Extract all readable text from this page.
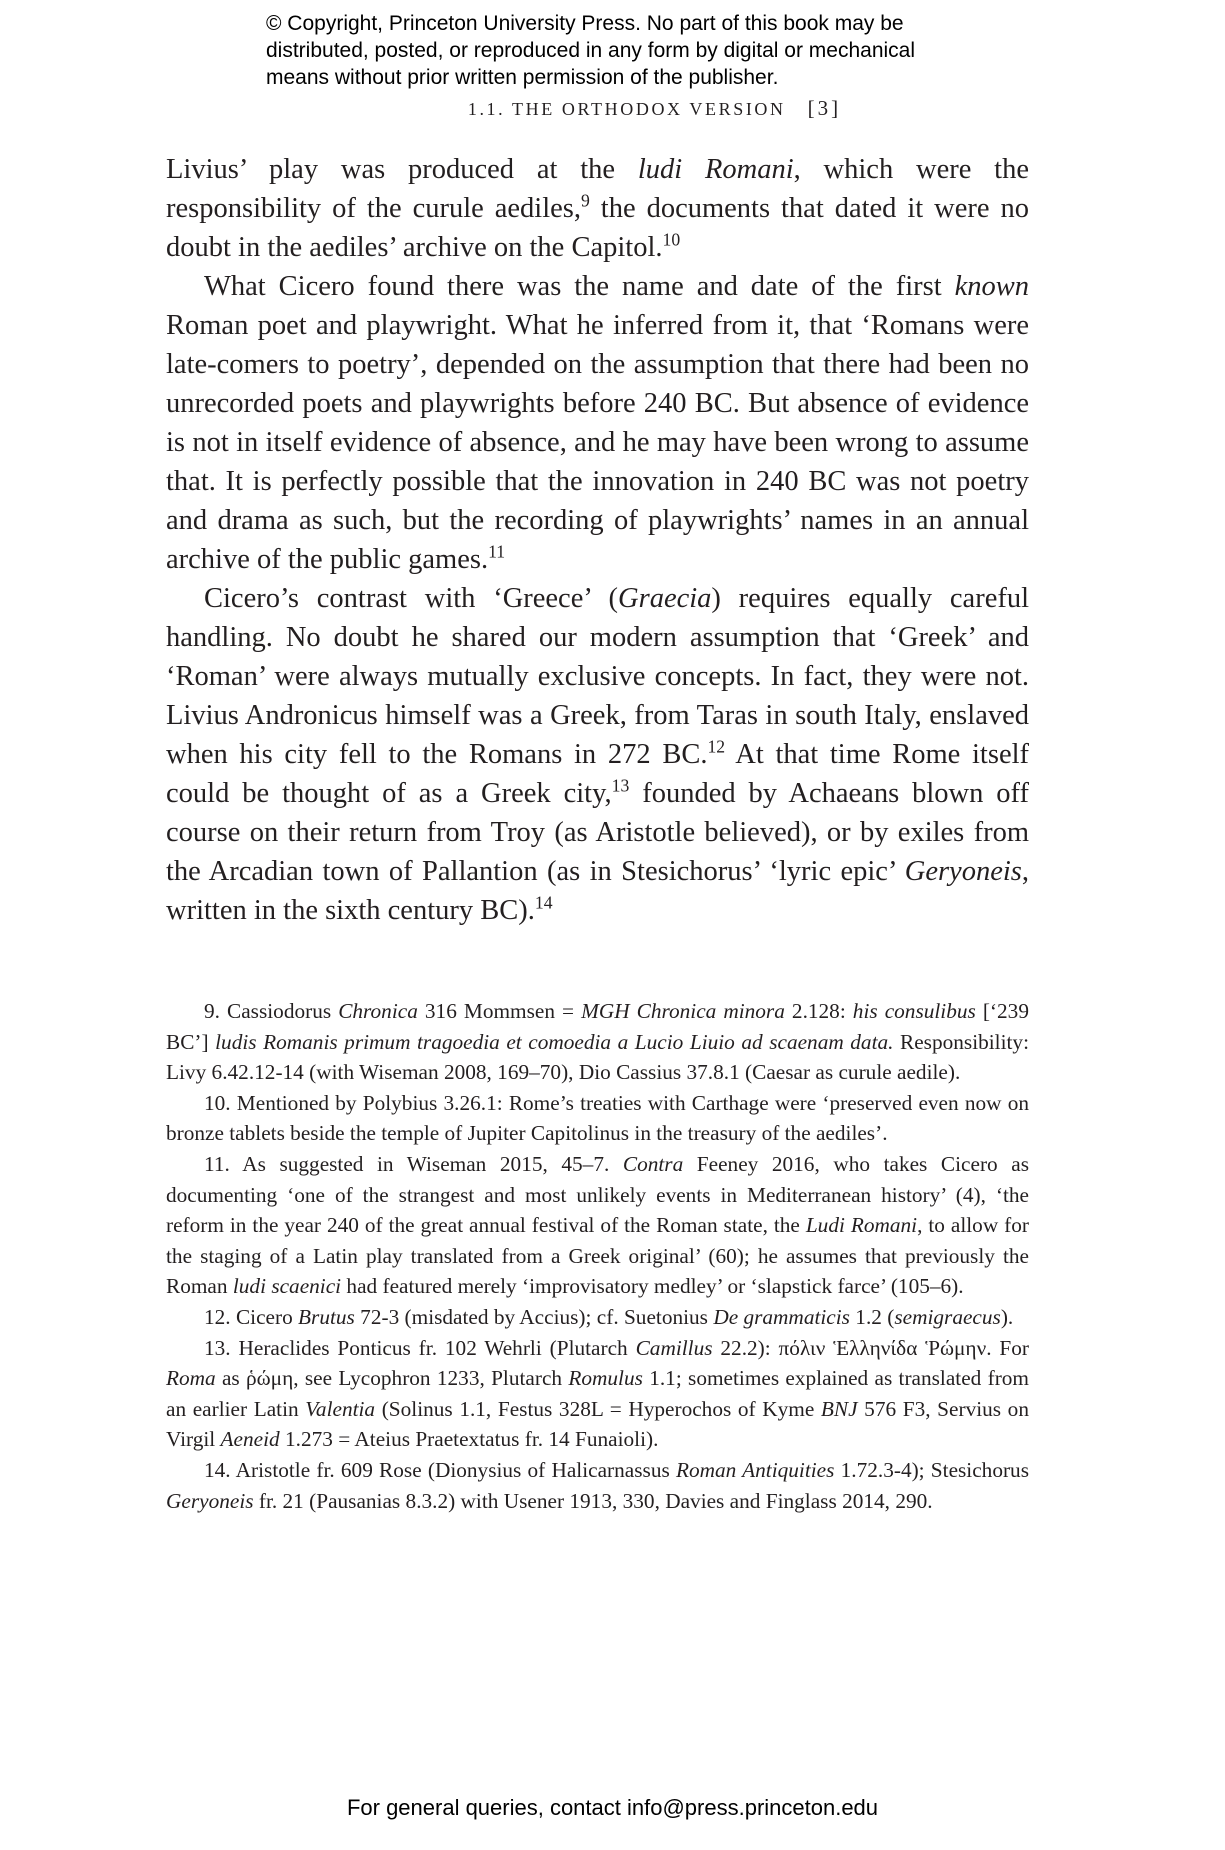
© Copyright, Princeton University Press. No part of this book may be
distributed, posted, or reproduced in any form by digital or mechanical
means without prior written permission of the publisher.
1.1. THE ORTHODOX VERSION [3]

Livius’ play was produced at the ludi Romani, which were the responsibility of the curule aediles,$^9$ the documents that dated it were no doubt in the aediles’ archive on the Capitol.$^{10}$

What Cicero found there was the name and date of the first known Roman poet and playwright. What he inferred from it, that ‘Romans were late-comers to poetry’, depended on the assumption that there had been no unrecorded poets and playwrights before 240 BC. But absence of evidence is not in itself evidence of absence, and he may have been wrong to assume that. It is perfectly possible that the innovation in 240 BC was not poetry and drama as such, but the recording of playwrights’ names in an annual archive of the public games.$^{11}$

Cicero’s contrast with ‘Greece’ (Graecia) requires equally careful handling. No doubt he shared our modern assumption that ‘Greek’ and ‘Roman’ were always mutually exclusive concepts. In fact, they were not. Livius Andronicus himself was a Greek, from Taras in south Italy, enslaved when his city fell to the Romans in 272 BC.$^{12}$ At that time Rome itself could be thought of as a Greek city,$^{13}$ founded by Achaeans blown off course on their return from Troy (as Aristotle believed), or by exiles from the Arcadian town of Pallantion (as in Stesichorus’ ‘lyric epic’ Geryoneis, written in the sixth century BC).$^{14}$

9. Cassiodorus Chronica 316 Mommsen = MGH Chronica minora 2.128: his consulibus [‘239 BC’] ludis Romanis primum tragoedia et comoedia a Lucio Liuio ad scaenam data. Responsibility: Livy 6.42.12-14 (with Wiseman 2008, 169–70), Dio Cassius 37.8.1 (Caesar as curule aedile).

10. Mentioned by Polybius 3.26.1: Rome’s treaties with Carthage were ‘preserved even now on bronze tablets beside the temple of Jupiter Capitolinus in the treasury of the aediles’.

11. As suggested in Wiseman 2015, 45–7. Contra Feeney 2016, who takes Cicero as documenting ‘one of the strangest and most unlikely events in Mediterranean history’ (4), ‘the reform in the year 240 of the great annual festival of the Roman state, the Ludi Romani, to allow for the staging of a Latin play translated from a Greek original’ (60); he assumes that previously the Roman ludi scaenici had featured merely ‘improvisatory medley’ or ‘slapstick farce’ (105–6).

12. Cicero Brutus 72-3 (misdated by Accius); cf. Suetonius De grammaticis 1.2 (semigraecus).

13. Heraclides Ponticus fr. 102 Wehrli (Plutarch Camillus 22.2): πόλιν Ἑλληνίδα Ῥώμην. For Roma as ῥώμη, see Lycophron 1233, Plutarch Romulus 1.1; sometimes explained as translated from an earlier Latin Valentia (Solinus 1.1, Festus 328L = Hyperochos of Kyme BNJ 576 F3, Servius on Virgil Aeneid 1.273 = Ateius Praetextatus fr. 14 Funaioli).

14. Aristotle fr. 609 Rose (Dionysius of Halicarnassus Roman Antiquities 1.72.3-4); Stesichorus Geryoneis fr. 21 (Pausanias 8.3.2) with Usener 1913, 330, Davies and Finglass 2014, 290.

For general queries, contact info@press.princeton.edu
